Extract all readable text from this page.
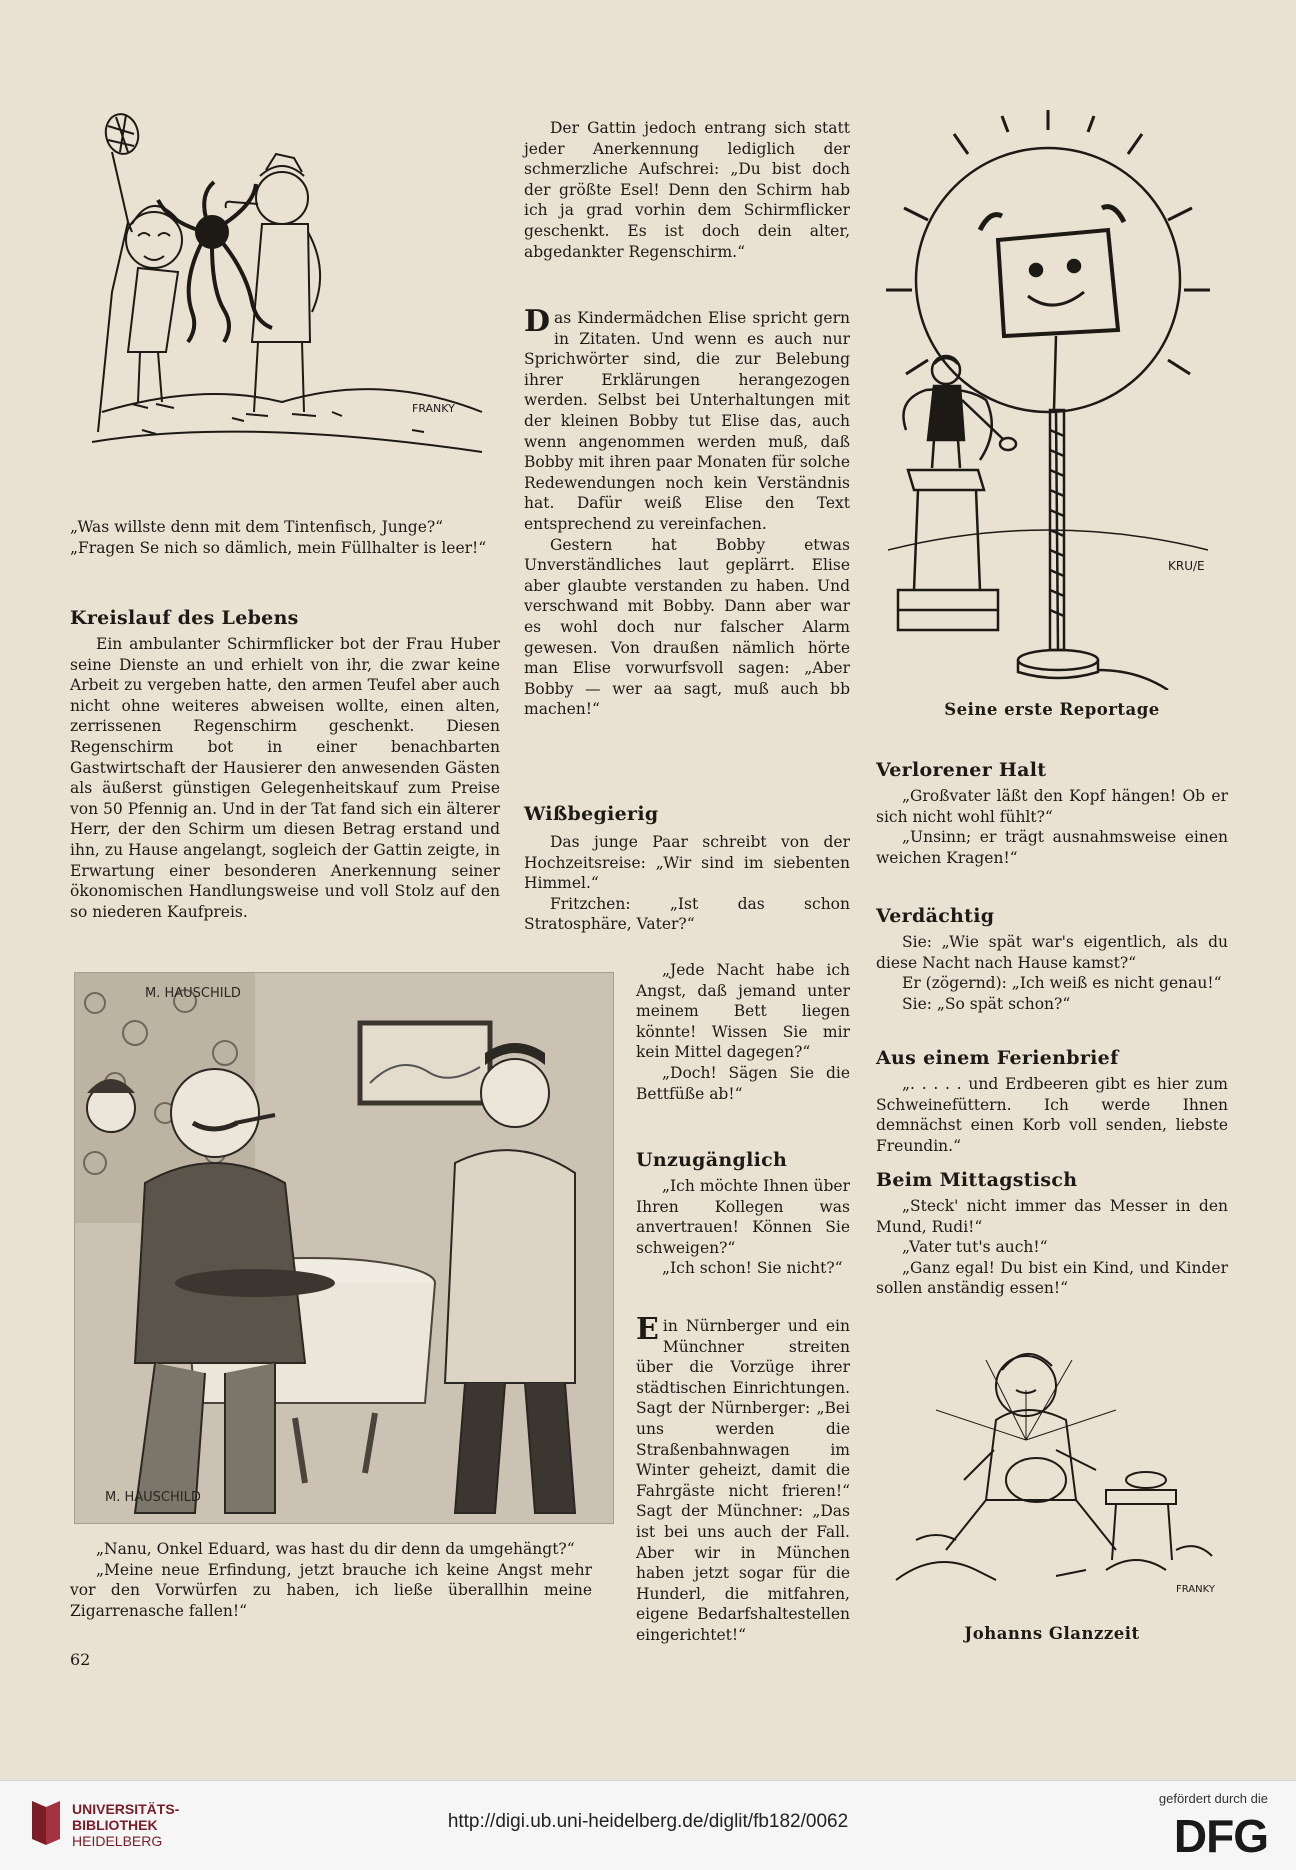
FRANKY
„Was willste denn mit dem Tintenfisch, Junge?“
„Fragen Se nich so dämlich, mein Füllhalter is leer!“
Kreislauf des Lebens

Ein ambulanter Schirmflicker bot der Frau Huber seine Dienste an und erhielt von ihr, die zwar keine Arbeit zu vergeben hatte, den armen Teufel aber auch nicht ohne weiteres abweisen wollte, einen alten, zerrissenen Regenschirm geschenkt. Diesen Regenschirm bot in einer benachbarten Gastwirtschaft der Hausierer den anwesenden Gästen als äußerst günstigen Gelegenheitskauf zum Preise von 50 Pfennig an. Und in der Tat fand sich ein älterer Herr, der den Schirm um diesen Betrag erstand und ihn, zu Hause angelangt, sogleich der Gattin zeigte, in Erwartung einer besonderen Anerkennung seiner ökonomischen Handlungsweise und voll Stolz auf den so niederen Kaufpreis.

Der Gattin jedoch entrang sich statt jeder Anerkennung lediglich der schmerzliche Aufschrei: „Du bist doch der größte Esel! Denn den Schirm hab ich ja grad vorhin dem Schirmflicker geschenkt. Es ist doch dein alter, abgedankter Regenschirm.“

Das Kindermädchen Elise spricht gern in Zitaten. Und wenn es auch nur Sprichwörter sind, die zur Belebung ihrer Erklärungen herangezogen werden. Selbst bei Unterhaltungen mit der kleinen Bobby tut Elise das, auch wenn angenommen werden muß, daß Bobby mit ihren paar Monaten für solche Redewendungen noch kein Verständnis hat. Dafür weiß Elise den Text entsprechend zu vereinfachen.

Gestern hat Bobby etwas Unverständliches laut geplärrt. Elise aber glaubte verstanden zu haben. Und verschwand mit Bobby. Dann aber war es wohl doch nur falscher Alarm gewesen. Von draußen nämlich hörte man Elise vorwurfsvoll sagen: „Aber Bobby — wer aa sagt, muß auch bb machen!“

Wißbegierig

Das junge Paar schreibt von der Hochzeitsreise: „Wir sind im siebenten Himmel.“

Fritzchen: „Ist das schon Stratosphäre, Vater?“

M. HAUSCHILD
M. HAUSCHILD

„Nanu, Onkel Eduard, was hast du dir denn da umgehängt?“

„Meine neue Erfindung, jetzt brauche ich keine Angst mehr vor den Vorwürfen zu haben, ich ließe überallhin meine Zigarrenasche fallen!“

62

„Jede Nacht habe ich Angst, daß jemand unter meinem Bett liegen könnte! Wissen Sie mir kein Mittel dagegen?“

„Doch! Sägen Sie die Bettfüße ab!“

Unzugänglich

„Ich möchte Ihnen über Ihren Kollegen was anvertrauen! Können Sie schweigen?“

„Ich schon! Sie nicht?“

Ein Nürnberger und ein Münchner streiten über die Vorzüge ihrer städtischen Einrichtungen. Sagt der Nürnberger: „Bei uns werden die Straßenbahnwagen im Winter geheizt, damit die Fahrgäste nicht frieren!“ Sagt der Münchner: „Das ist bei uns auch der Fall. Aber wir in München haben jetzt sogar für die Hunderl, die mitfahren, eigene Bedarfshaltestellen eingerichtet!“

KRU/E
Seine erste Reportage
Verlorener Halt

„Großvater läßt den Kopf hängen! Ob er sich nicht wohl fühlt?“

„Unsinn; er trägt ausnahmsweise einen weichen Kragen!“

Verdächtig

Sie: „Wie spät war's eigentlich, als du diese Nacht nach Hause kamst?“

Er (zögernd): „Ich weiß es nicht genau!“

Sie: „So spät schon?“

Aus einem Ferienbrief

„. . . . . und Erdbeeren gibt es hier zum Schweinefüttern. Ich werde Ihnen demnächst einen Korb voll senden, liebste Freundin.“

Beim Mittagstisch

„Steck' nicht immer das Messer in den Mund, Rudi!“

„Vater tut's auch!“

„Ganz egal! Du bist ein Kind, und Kinder sollen anständig essen!“

FRANKY
Johanns Glanzzeit
UNIVERSITÄTS-
BIBLIOTHEK
HEIDELBERG
http://digi.ub.uni-heidelberg.de/diglit/fb182/0062
gefördert durch die
DFG
